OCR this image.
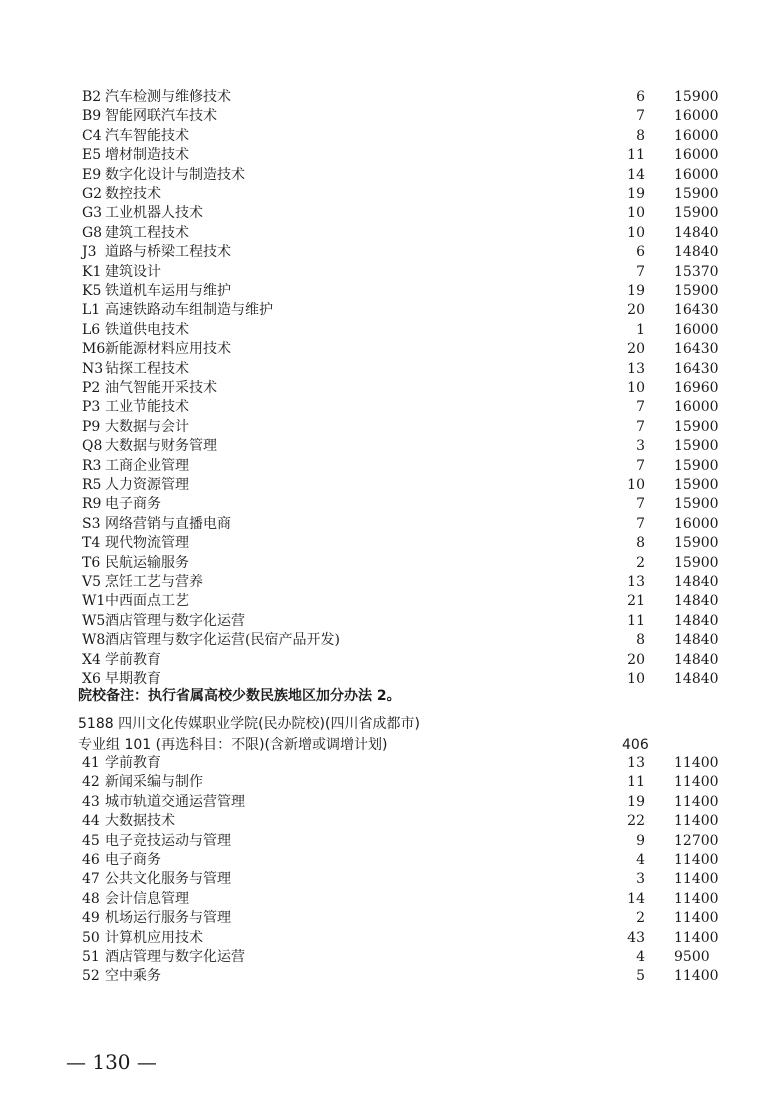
B2 汽车检测与维修技术	6 15900
B9 智能网联汽车技术	7 16000
C4 汽车智能技术	8 16000
E5 增材制造技术	11 16000
E9 数字化设计与制造技术	14 16000
G2 数控技术	19 15900
G3 工业机器人技术	10 15900
G8 建筑工程技术	10 14840
J3 道路与桥梁工程技术	6 14840
K1 建筑设计	7 15370
K5 铁道机车运用与维护	19 15900
L1 高速铁路动车组制造与维护	20 16430
L6 铁道供电技术	1 16000
M6 新能源材料应用技术	20 16430
N3 钻探工程技术	13 16430
P2 油气智能开采技术	10 16960
P3 工业节能技术	7 16000
P9 大数据与会计	7 15900
Q8 大数据与财务管理	3 15900
R3 工商企业管理	7 15900
R5 人力资源管理	10 15900
R9 电子商务	7 15900
S3 网络营销与直播电商	7 16000
T4 现代物流管理	8 15900
T6 民航运输服务	2 15900
V5 烹饪工艺与营养	13 14840
W1 中西面点工艺	21 14840
W5 酒店管理与数字化运营	11 14840
W8 酒店管理与数字化运营(民宿产品开发)	8 14840
X4 学前教育	20 14840
X6 早期教育	10 14840
院校备注：执行省属高校少数民族地区加分办法 2。
5188 四川文化传媒职业学院(民办院校)(四川省成都市)
专业组 101 (再选科目：不限)(含新增或调增计划)	406
41 学前教育	13 11400
42 新闻采编与制作	11 11400
43 城市轨道交通运营管理	19 11400
44 大数据技术	22 11400
45 电子竞技运动与管理	9 12700
46 电子商务	4 11400
47 公共文化服务与管理	3 11400
48 会计信息管理	14 11400
49 机场运行服务与管理	2 11400
50 计算机应用技术	43 11400
51 酒店管理与数字化运营	4 9500
52 空中乘务	5 11400
— 130 —
